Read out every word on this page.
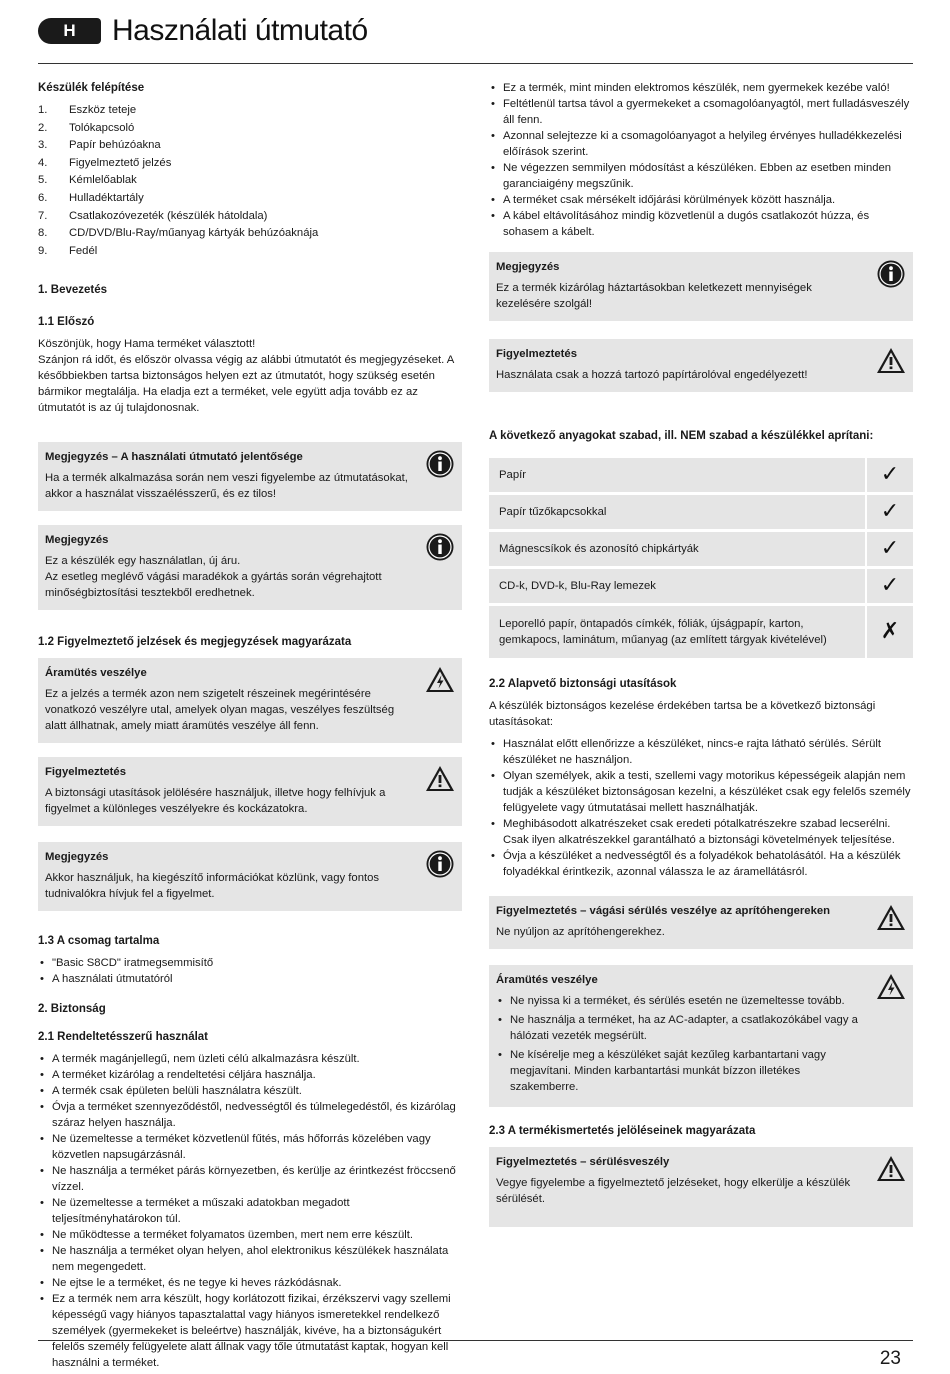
H	Használati útmutató
Készülék felépítése
1.	Eszköz teteje
2.	Tolókapcsoló
3.	Papír behúzóakna
4.	Figyelmeztető jelzés
5.	Kémlelőablak
6.	Hulladéktartály
7.	Csatlakozóvezeték (készülék hátoldala)
8.	CD/DVD/Blu-Ray/műanyag kártyák behúzóaknája
9.	Fedél
1. Bevezetés
1.1 Előszó
Köszönjük, hogy Hama terméket választott!
Szánjon rá időt, és először olvassa végig az alábbi útmutatót és megjegyzéseket. A későbbiekben tartsa biztonságos helyen ezt az útmutatót, hogy szükség esetén bármikor megtalálja. Ha eladja ezt a terméket, vele együtt adja tovább ez az útmutatót is az új tulajdonosnak.
Megjegyzés – A használati útmutató jelentősége
Ha a termék alkalmazása során nem veszi figyelembe az útmutatásokat, akkor a használat visszaélésszerű, és ez tilos!
Megjegyzés
Ez a készülék egy használatlan, új áru.
Az esetleg meglévő vágási maradékok a gyártás során végrehajtott minőségbiztosítási tesztekből eredhetnek.
1.2 Figyelmeztető jelzések és megjegyzések magyarázata
Áramütés veszélye
Ez a jelzés a termék azon nem szigetelt részeinek megérintésére vonatkozó veszélyre utal, amelyek olyan magas, veszélyes feszültség alatt állhatnak, amely miatt áramütés veszélye áll fenn.
Figyelmeztetés
A biztonsági utasítások jelölésére használjuk, illetve hogy felhívjuk a figyelmet a különleges veszélyekre és kockázatokra.
Megjegyzés
Akkor használjuk, ha kiegészítő információkat közlünk, vagy fontos tudnivalókra hívjuk fel a figyelmet.
1.3 A csomag tartalma
• "Basic S8CD" iratmegsemmisítő
• A használati útmutatóról
2. Biztonság
2.1 Rendeltetésszerű használat
• A termék magánjellegű, nem üzleti célú alkalmazásra készült.
• A terméket kizárólag a rendeltetési céljára használja.
• A termék csak épületen belüli használatra készült.
• Óvja a terméket szennyeződéstől, nedvességtől és túlmelegedéstől, és kizárólag száraz helyen használja.
• Ne üzemeltesse a terméket közvetlenül fűtés, más hőforrás közelében vagy közvetlen napsugárzásnál.
• Ne használja a terméket párás környezetben, és kerülje az érintkezést fröccsenő vízzel.
• Ne üzemeltesse a terméket a műszaki adatokban megadott teljesítményhatárokon túl.
• Ne működtesse a terméket folyamatos üzemben, mert nem erre készült.
• Ne használja a terméket olyan helyen, ahol elektronikus készülékek használata nem megengedett.
• Ne ejtse le a terméket, és ne tegye ki heves rázkódásnak.
• Ez a termék nem arra készült, hogy korlátozott fizikai, érzékszervi vagy szellemi képességű vagy hiányos tapasztalattal vagy hiányos ismeretekkel rendelkező személyek (gyermekeket is beleértve) használják, kivéve, ha a biztonságukért felelős személy felügyelete alatt állnak vagy tőle útmutatást kaptak, hogyan kell használni a terméket.
• Ez a termék, mint minden elektromos készülék, nem gyermekek kezébe való!
• Feltétlenül tartsa távol a gyermekeket a csomagolóanyagtól, mert fulladásveszély áll fenn.
• Azonnal selejtezze ki a csomagolóanyagot a helyileg érvényes hulladékkezelési előírások szerint.
• Ne végezzen semmilyen módosítást a készüléken. Ebben az esetben minden garanciaigény megszűnik.
• A terméket csak mérsékelt időjárási körülmények között használja.
• A kábel eltávolításához mindig közvetlenül a dugós csatlakozót húzza, és sohasem a kábelt.
Megjegyzés
Ez a termék kizárólag háztartásokban keletkezett mennyiségek kezelésére szolgál!
Figyelmeztetés
Használata csak a hozzá tartozó papírtárolóval engedélyezett!
A következő anyagokat szabad, ill. NEM szabad a készülékkel aprítani:
Papír	✓
Papír tűzőkapcsokkal	✓
Mágnescsíkok és azonosító chipkártyák	✓
CD-k, DVD-k, Blu-Ray lemezek	✓
Leporelló papír, öntapadós címkék, fóliák, újságpapír, karton, gemkapocs, laminátum, műanyag (az említett tárgyak kivételével)	✗
2.2 Alapvető biztonsági utasítások
A készülék biztonságos kezelése érdekében tartsa be a következő biztonsági utasításokat:
• Használat előtt ellenőrizze a készüléket, nincs-e rajta látható sérülés. Sérült készüléket ne használjon.
• Olyan személyek, akik a testi, szellemi vagy motorikus képességeik alapján nem tudják a készüléket biztonságosan kezelni, a készüléket csak egy felelős személy felügyelete vagy útmutatásai mellett használhatják.
• Meghibásodott alkatrészeket csak eredeti pótalkatrészekre szabad lecserélni. Csak ilyen alkatrészekkel garantálható a biztonsági követelmények teljesítése.
• Óvja a készüléket a nedvességtől és a folyadékok behatolásától. Ha a készülék folyadékkal érintkezik, azonnal válassza le az áramellátásról.
Figyelmeztetés – vágási sérülés veszélye az aprítóhengereken
Ne nyúljon az aprítóhengerekhez.
Áramütés veszélye
• Ne nyissa ki a terméket, és sérülés esetén ne üzemeltesse tovább.
• Ne használja a terméket, ha az AC-adapter, a csatlakozókábel vagy a hálózati vezeték megsérült.
• Ne kísérelje meg a készüléket saját kezűleg karbantartani vagy megjavítani. Minden karbantartási munkát bízzon illetékes szakemberre.
2.3 A termékismertetés jelöléseinek magyarázata
Figyelmeztetés – sérülésveszély
Vegye figyelembe a figyelmeztető jelzéseket, hogy elkerülje a készülék sérülését.
23
